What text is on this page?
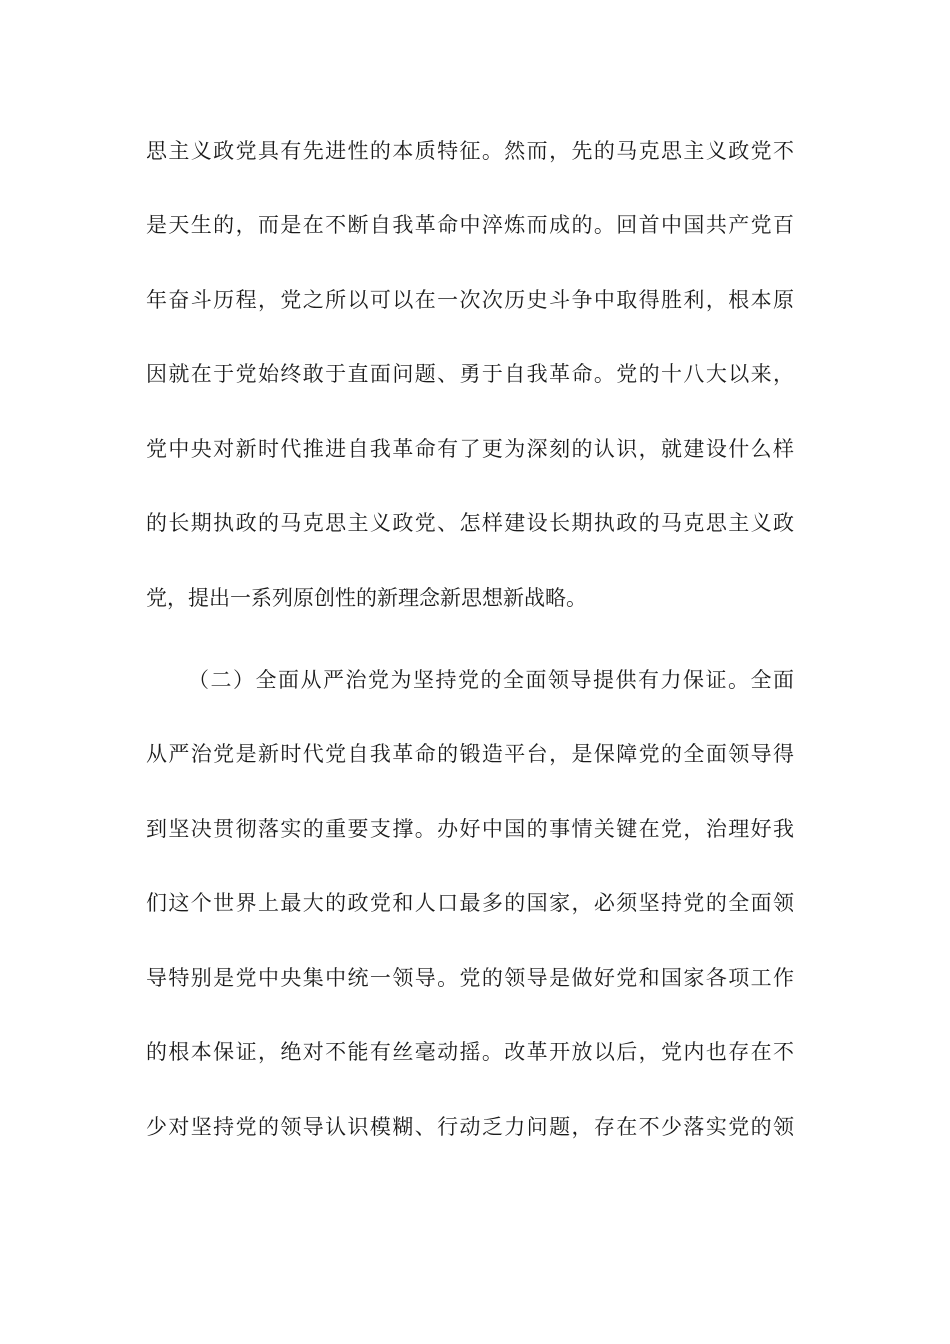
思主义政党具有先进性的本质特征。然而，先的马克思主义政党不
是天生的，而是在不断自我革命中淬炼而成的。回首中国共产党百
年奋斗历程，党之所以可以在一次次历史斗争中取得胜利，根本原
因就在于党始终敢于直面问题、勇于自我革命。党的十八大以来，
党中央对新时代推进自我革命有了更为深刻的认识，就建设什么样
的长期执政的马克思主义政党、怎样建设长期执政的马克思主义政
党，提出一系列原创性的新理念新思想新战略。
（二）全面从严治党为坚持党的全面领导提供有力保证。全面
从严治党是新时代党自我革命的锻造平台，是保障党的全面领导得
到坚决贯彻落实的重要支撑。办好中国的事情关键在党，治理好我
们这个世界上最大的政党和人口最多的国家，必须坚持党的全面领
导特别是党中央集中统一领导。党的领导是做好党和国家各项工作
的根本保证，绝对不能有丝毫动摇。改革开放以后，党内也存在不
少对坚持党的领导认识模糊、行动乏力问题，存在不少落实党的领
